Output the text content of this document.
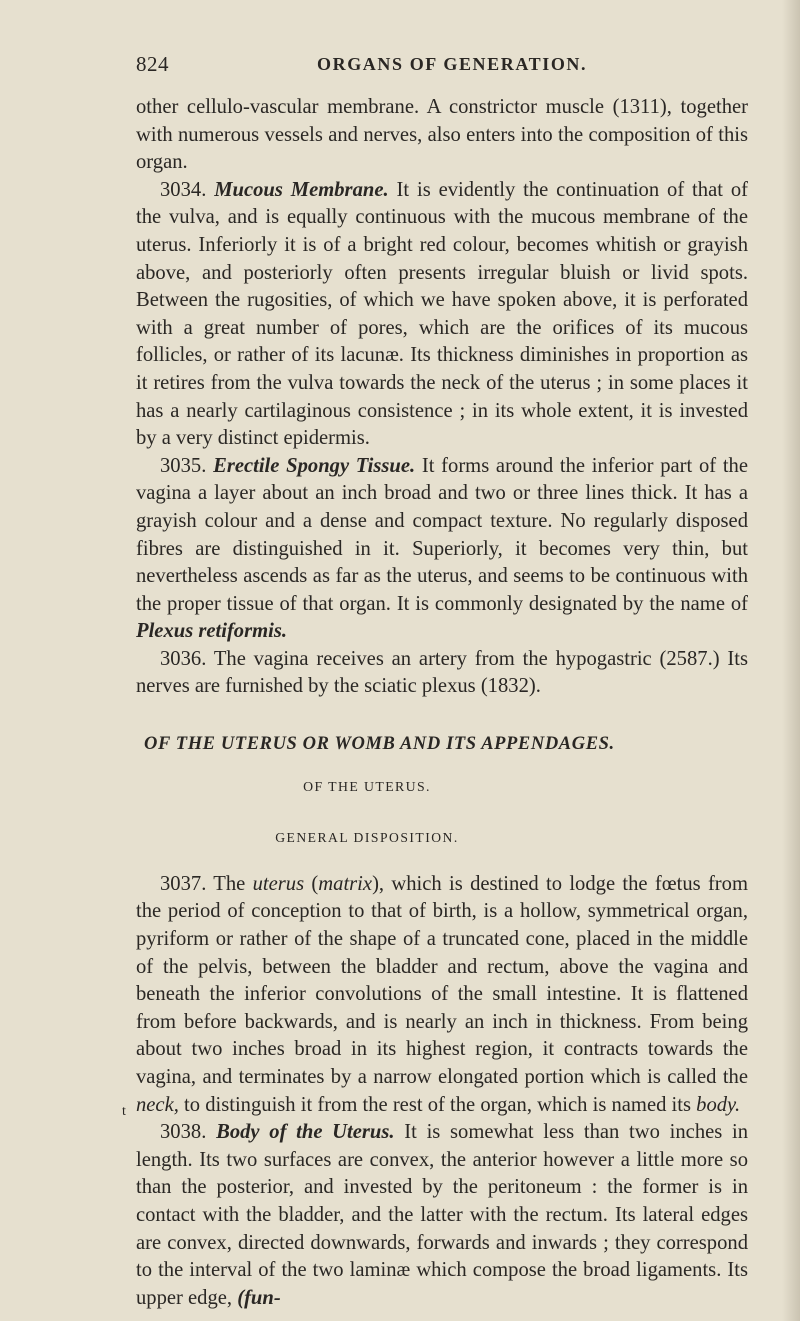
824	ORGANS OF GENERATION.

other cellulo-vascular membrane. A constrictor muscle (1311), together with numerous vessels and nerves, also enters into the composition of this organ.

3034. Mucous Membrane. It is evidently the continuation of that of the vulva, and is equally continuous with the mucous membrane of the uterus. Inferiorly it is of a bright red colour, becomes whitish or grayish above, and posteriorly often presents irregular bluish or livid spots. Between the rugosities, of which we have spoken above, it is perforated with a great number of pores, which are the orifices of its mucous follicles, or rather of its lacunæ. Its thickness diminishes in proportion as it retires from the vulva towards the neck of the uterus ; in some places it has a nearly cartilaginous consistence ; in its whole extent, it is invested by a very distinct epidermis.

3035. Erectile Spongy Tissue. It forms around the inferior part of the vagina a layer about an inch broad and two or three lines thick. It has a grayish colour and a dense and compact texture. No regularly disposed fibres are distinguished in it. Superiorly, it becomes very thin, but nevertheless ascends as far as the uterus, and seems to be continuous with the proper tissue of that organ. It is commonly designated by the name of Plexus retiformis.

3036. The vagina receives an artery from the hypogastric (2587.) Its nerves are furnished by the sciatic plexus (1832).

OF THE UTERUS OR WOMB AND ITS APPENDAGES.
OF THE UTERUS.
GENERAL DISPOSITION.

3037. The uterus (matrix), which is destined to lodge the fœtus from the period of conception to that of birth, is a hollow, symmetrical organ, pyriform or rather of the shape of a truncated cone, placed in the middle of the pelvis, between the bladder and rectum, above the vagina and beneath the inferior convolutions of the small intestine. It is flattened from before backwards, and is nearly an inch in thickness. From being about two inches broad in its highest region, it contracts towards the vagina, and terminates by a narrow elongated portion which is called the neck, to distinguish it from the rest of the organ, which is named its body.

3038. Body of the Uterus. It is somewhat less than two inches in length. Its two surfaces are convex, the anterior however a little more so than the posterior, and invested by the peritoneum : the former is in contact with the bladder, and the latter with the rectum. Its lateral edges are convex, directed downwards, forwards and inwards ; they correspond to the interval of the two laminæ which compose the broad ligaments. Its upper edge, (fun-

t
